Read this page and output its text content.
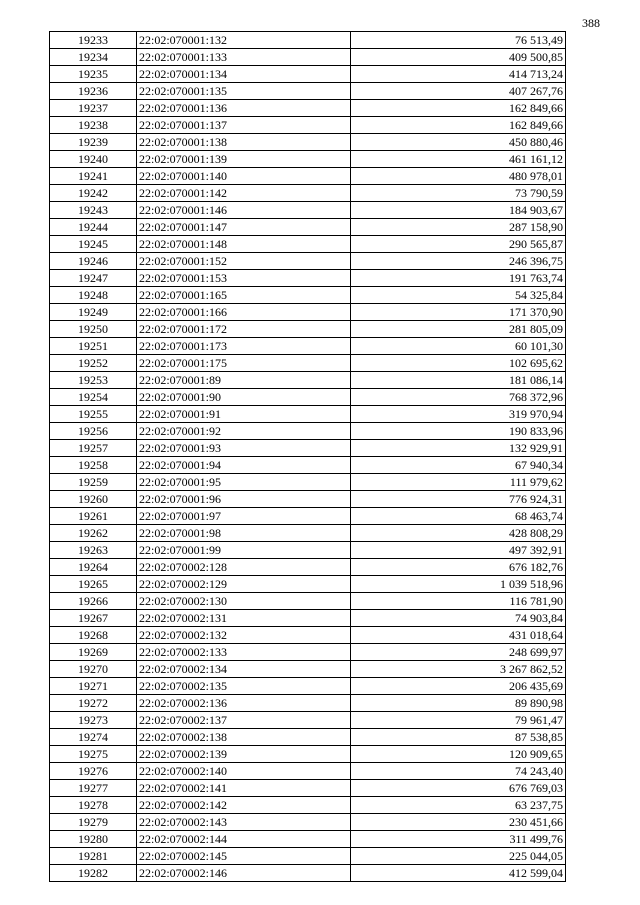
388
19233	22:02:070001:132	76 513,49
19234	22:02:070001:133	409 500,85
19235	22:02:070001:134	414 713,24
19236	22:02:070001:135	407 267,76
19237	22:02:070001:136	162 849,66
19238	22:02:070001:137	162 849,66
19239	22:02:070001:138	450 880,46
19240	22:02:070001:139	461 161,12
19241	22:02:070001:140	480 978,01
19242	22:02:070001:142	73 790,59
19243	22:02:070001:146	184 903,67
19244	22:02:070001:147	287 158,90
19245	22:02:070001:148	290 565,87
19246	22:02:070001:152	246 396,75
19247	22:02:070001:153	191 763,74
19248	22:02:070001:165	54 325,84
19249	22:02:070001:166	171 370,90
19250	22:02:070001:172	281 805,09
19251	22:02:070001:173	60 101,30
19252	22:02:070001:175	102 695,62
19253	22:02:070001:89	181 086,14
19254	22:02:070001:90	768 372,96
19255	22:02:070001:91	319 970,94
19256	22:02:070001:92	190 833,96
19257	22:02:070001:93	132 929,91
19258	22:02:070001:94	67 940,34
19259	22:02:070001:95	111 979,62
19260	22:02:070001:96	776 924,31
19261	22:02:070001:97	68 463,74
19262	22:02:070001:98	428 808,29
19263	22:02:070001:99	497 392,91
19264	22:02:070002:128	676 182,76
19265	22:02:070002:129	1 039 518,96
19266	22:02:070002:130	116 781,90
19267	22:02:070002:131	74 903,84
19268	22:02:070002:132	431 018,64
19269	22:02:070002:133	248 699,97
19270	22:02:070002:134	3 267 862,52
19271	22:02:070002:135	206 435,69
19272	22:02:070002:136	89 890,98
19273	22:02:070002:137	79 961,47
19274	22:02:070002:138	87 538,85
19275	22:02:070002:139	120 909,65
19276	22:02:070002:140	74 243,40
19277	22:02:070002:141	676 769,03
19278	22:02:070002:142	63 237,75
19279	22:02:070002:143	230 451,66
19280	22:02:070002:144	311 499,76
19281	22:02:070002:145	225 044,05
19282	22:02:070002:146	412 599,04
